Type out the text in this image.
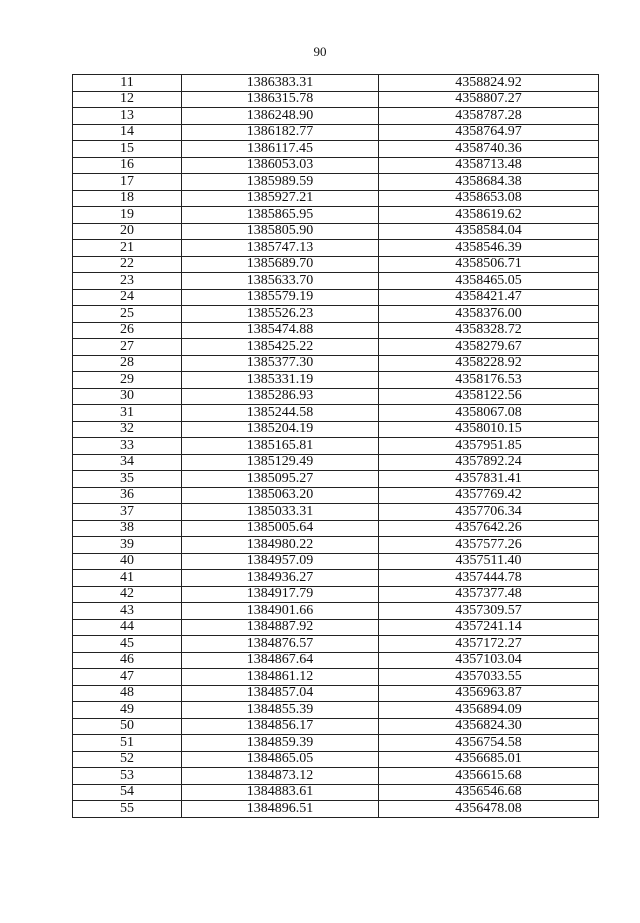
90
11	1386383.31	4358824.92
12	1386315.78	4358807.27
13	1386248.90	4358787.28
14	1386182.77	4358764.97
15	1386117.45	4358740.36
16	1386053.03	4358713.48
17	1385989.59	4358684.38
18	1385927.21	4358653.08
19	1385865.95	4358619.62
20	1385805.90	4358584.04
21	1385747.13	4358546.39
22	1385689.70	4358506.71
23	1385633.70	4358465.05
24	1385579.19	4358421.47
25	1385526.23	4358376.00
26	1385474.88	4358328.72
27	1385425.22	4358279.67
28	1385377.30	4358228.92
29	1385331.19	4358176.53
30	1385286.93	4358122.56
31	1385244.58	4358067.08
32	1385204.19	4358010.15
33	1385165.81	4357951.85
34	1385129.49	4357892.24
35	1385095.27	4357831.41
36	1385063.20	4357769.42
37	1385033.31	4357706.34
38	1385005.64	4357642.26
39	1384980.22	4357577.26
40	1384957.09	4357511.40
41	1384936.27	4357444.78
42	1384917.79	4357377.48
43	1384901.66	4357309.57
44	1384887.92	4357241.14
45	1384876.57	4357172.27
46	1384867.64	4357103.04
47	1384861.12	4357033.55
48	1384857.04	4356963.87
49	1384855.39	4356894.09
50	1384856.17	4356824.30
51	1384859.39	4356754.58
52	1384865.05	4356685.01
53	1384873.12	4356615.68
54	1384883.61	4356546.68
55	1384896.51	4356478.08
